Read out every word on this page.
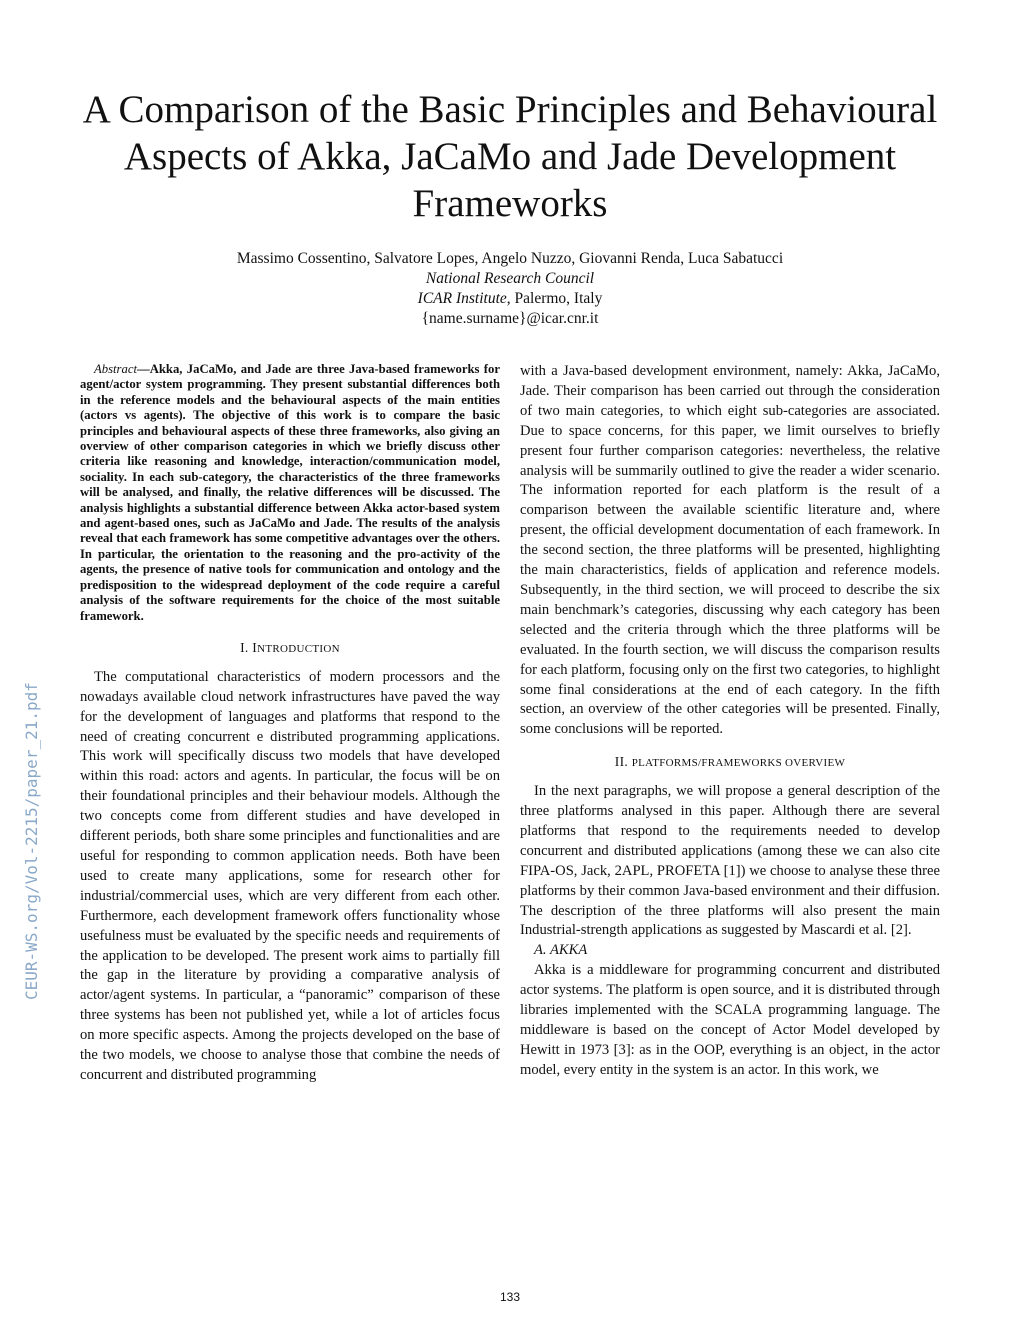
A Comparison of the Basic Principles and Behavioural Aspects of Akka, JaCaMo and Jade Development Frameworks
Massimo Cossentino, Salvatore Lopes, Angelo Nuzzo, Giovanni Renda, Luca Sabatucci
National Research Council
ICAR Institute, Palermo, Italy
{name.surname}@icar.cnr.it

Abstract—Akka, JaCaMo, and Jade are three Java-based frameworks for agent/actor system programming. They present substantial differences both in the reference models and the behavioural aspects of the main entities (actors vs agents). The objective of this work is to compare the basic principles and behavioural aspects of these three frameworks, also giving an overview of other comparison categories in which we briefly discuss other criteria like reasoning and knowledge, interaction/communication model, sociality. In each sub-category, the characteristics of the three frameworks will be analysed, and finally, the relative differences will be discussed. The analysis highlights a substantial difference between Akka actor-based system and agent-based ones, such as JaCaMo and Jade. The results of the analysis reveal that each framework has some competitive advantages over the others. In particular, the orientation to the reasoning and the pro-activity of the agents, the presence of native tools for communication and ontology and the predisposition to the widespread deployment of the code require a careful analysis of the software requirements for the choice of the most suitable framework.

I. INTRODUCTION

The computational characteristics of modern processors and the nowadays available cloud network infrastructures have paved the way for the development of languages and platforms that respond to the need of creating concurrent e distributed programming applications. This work will specifically discuss two models that have developed within this road: actors and agents. In particular, the focus will be on their foundational principles and their behaviour models. Although the two concepts come from different studies and have developed in different periods, both share some principles and functionalities and are useful for responding to common application needs. Both have been used to create many applications, some for research other for industrial/commercial uses, which are very different from each other. Furthermore, each development framework offers functionality whose usefulness must be evaluated by the specific needs and requirements of the application to be developed. The present work aims to partially fill the gap in the literature by providing a comparative analysis of actor/agent systems. In particular, a “panoramic” comparison of these three systems has been not published yet, while a lot of articles focus on more specific aspects. Among the projects developed on the base of the two models, we choose to analyse those that combine the needs of concurrent and distributed programming

with a Java-based development environment, namely: Akka, JaCaMo, Jade. Their comparison has been carried out through the consideration of two main categories, to which eight sub-categories are associated. Due to space concerns, for this paper, we limit ourselves to briefly present four further comparison categories: nevertheless, the relative analysis will be summarily outlined to give the reader a wider scenario. The information reported for each platform is the result of a comparison between the available scientific literature and, where present, the official development documentation of each framework. In the second section, the three platforms will be presented, highlighting the main characteristics, fields of application and reference models. Subsequently, in the third section, we will proceed to describe the six main benchmark’s categories, discussing why each category has been selected and the criteria through which the three platforms will be evaluated. In the fourth section, we will discuss the comparison results for each platform, focusing only on the first two categories, to highlight some final considerations at the end of each category. In the fifth section, an overview of the other categories will be presented. Finally, some conclusions will be reported.

II. PLATFORMS/FRAMEWORKS OVERVIEW

In the next paragraphs, we will propose a general description of the three platforms analysed in this paper. Although there are several platforms that respond to the requirements needed to develop concurrent and distributed applications (among these we can also cite FIPA-OS, Jack, 2APL, PROFETA [1]) we choose to analyse these three platforms by their common Java-based environment and their diffusion. The description of the three platforms will also present the main Industrial-strength applications as suggested by Mascardi et al. [2].

A. AKKA

Akka is a middleware for programming concurrent and distributed actor systems. The platform is open source, and it is distributed through libraries implemented with the SCALA programming language. The middleware is based on the concept of Actor Model developed by Hewitt in 1973 [3]: as in the OOP, everything is an object, in the actor model, every entity in the system is an actor. In this work, we

CEUR-WS.org/Vol-2215/paper_21.pdf
133
